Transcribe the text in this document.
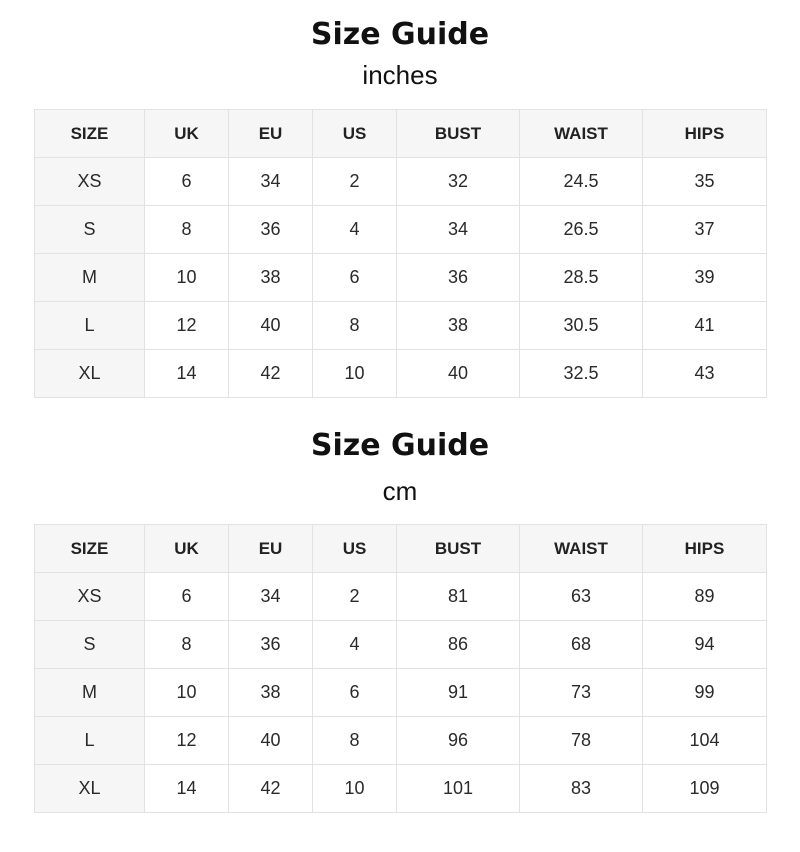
Size Guide
inches
SIZE	UK	EU	US	BUST	WAIST	HIPS
XS	6	34	2	32	24.5	35
S	8	36	4	34	26.5	37
M	10	38	6	36	28.5	39
L	12	40	8	38	30.5	41
XL	14	42	10	40	32.5	43
Size Guide
cm
SIZE	UK	EU	US	BUST	WAIST	HIPS
XS	6	34	2	81	63	89
S	8	36	4	86	68	94
M	10	38	6	91	73	99
L	12	40	8	96	78	104
XL	14	42	10	101	83	109
